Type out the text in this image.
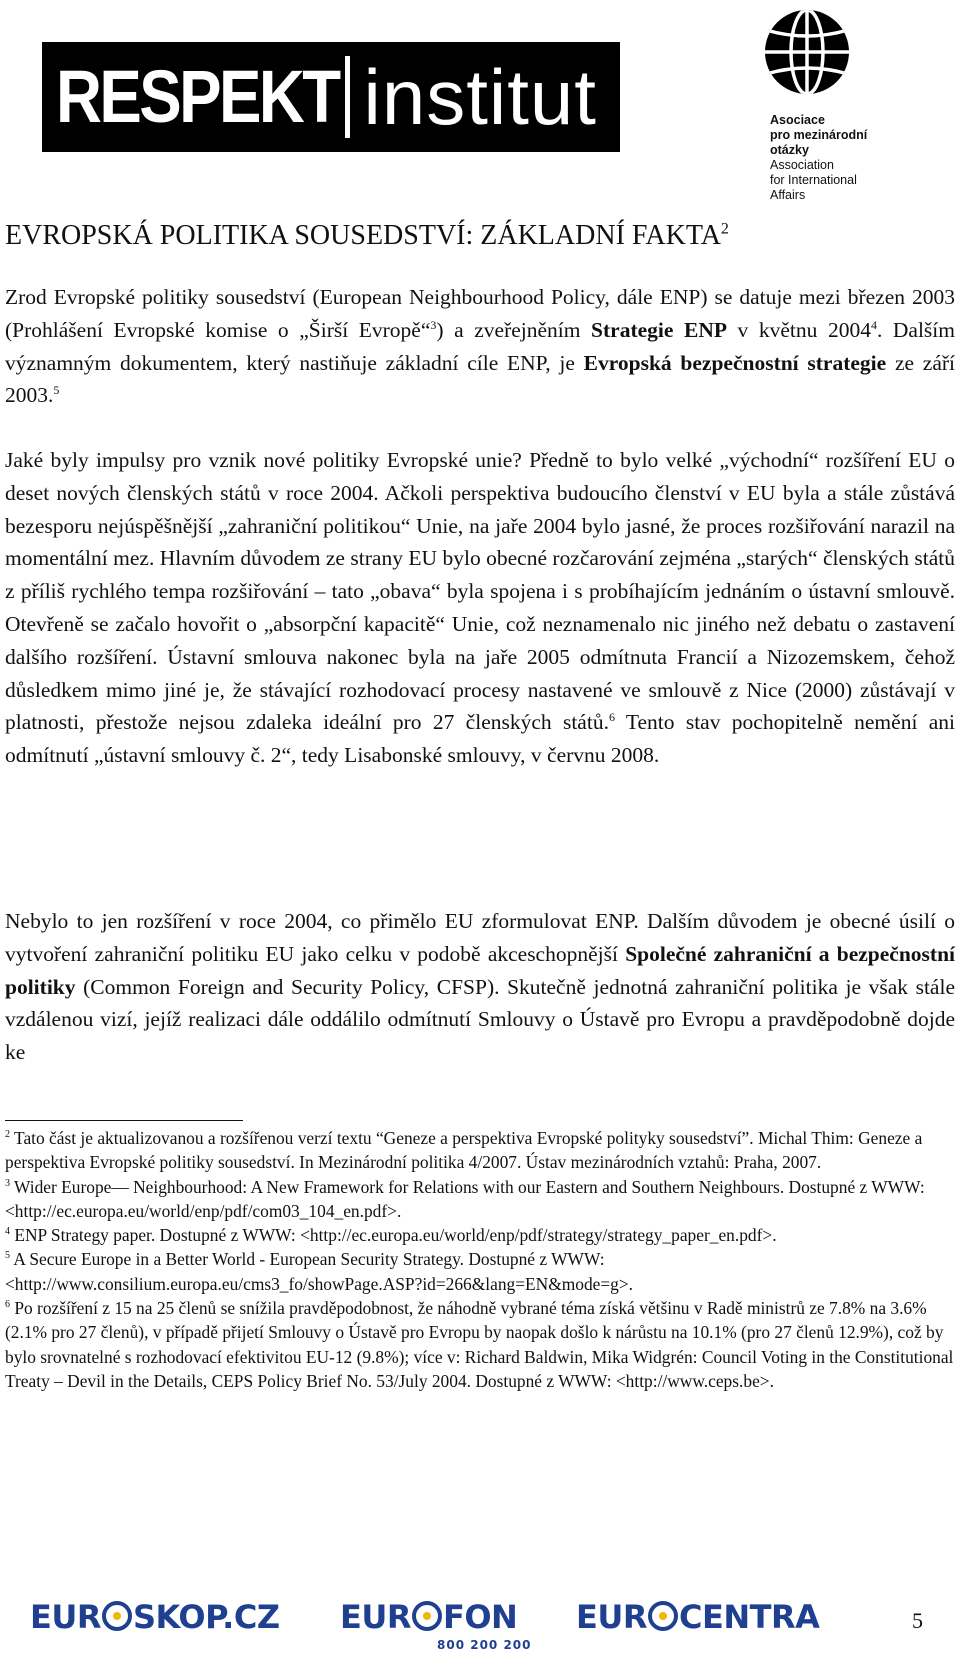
RESPEKT institut	Asociace
pro mezinárodní
otázky
Association
for International
Affairs
EVROPSKÁ POLITIKA SOUSEDSTVÍ: ZÁKLADNÍ FAKTA$^2$
Zrod Evropské politiky sousedství (European Neighbourhood Policy, dále ENP) se datuje mezi březen 2003 (Prohlášení Evropské komise o „Širší Evropě“$^3$) a zveřejněním Strategie ENP v květnu 2004$^4$. Dalším významným dokumentem, který nastiňuje základní cíle ENP, je Evropská bezpečnostní strategie ze září 2003.$^5$
Jaké byly impulsy pro vznik nové politiky Evropské unie? Předně to bylo velké „východní“ rozšíření EU o deset nových členských států v roce 2004. Ačkoli perspektiva budoucího členství v EU byla a stále zůstává bezesporu nejúspěšnější „zahraniční politikou“ Unie, na jaře 2004 bylo jasné, že proces rozšiřování narazil na momentální mez. Hlavním důvodem ze strany EU bylo obecné rozčarování zejména „starých“ členských států z příliš rychlého tempa rozšiřování – tato „obava“ byla spojena i s probíhajícím jednáním o ústavní smlouvě. Otevřeně se začalo hovořit o „absorpční kapacitě“ Unie, což neznamenalo nic jiného než debatu o zastavení dalšího rozšíření. Ústavní smlouva nakonec byla na jaře 2005 odmítnuta Francií a Nizozemskem, čehož důsledkem mimo jiné je, že stávající rozhodovací procesy nastavené ve smlouvě z Nice (2000) zůstávají v platnosti, přestože nejsou zdaleka ideální pro 27 členských států.$^6$ Tento stav pochopitelně nemění ani odmítnutí „ústavní smlouvy č. 2“, tedy Lisabonské smlouvy, v červnu 2008.
Nebylo to jen rozšíření v roce 2004, co přimělo EU zformulovat ENP. Dalším důvodem je obecné úsilí o vytvoření zahraniční politiku EU jako celku v podobě akceschopnější Společné zahraniční a bezpečnostní politiky (Common Foreign and Security Policy, CFSP). Skutečně jednotná zahraniční politika je však stále vzdálenou vizí, jejíž realizaci dále oddálilo odmítnutí Smlouvy o Ústavě pro Evropu a pravděpodobně dojde ke
$^2$ Tato část je aktualizovanou a rozšířenou verzí textu “Geneze a perspektiva Evropské polityky sousedství”. Michal Thim: Geneze a perspektiva Evropské politiky sousedství. In Mezinárodní politika 4/2007. Ústav mezinárodních vztahů: Praha, 2007.
$^3$ Wider Europe— Neighbourhood: A New Framework for Relations with our Eastern and Southern Neighbours. Dostupné z WWW: <http://ec.europa.eu/world/enp/pdf/com03_104_en.pdf>.
$^4$ ENP Strategy paper. Dostupné z WWW: <http://ec.europa.eu/world/enp/pdf/strategy/strategy_paper_en.pdf>.
$^5$ A Secure Europe in a Better World - European Security Strategy. Dostupné z WWW: <http://www.consilium.europa.eu/cms3_fo/showPage.ASP?id=266&lang=EN&mode=g>.
$^6$ Po rozšíření z 15 na 25 členů se snížila pravděpodobnost, že náhodně vybrané téma získá většinu v Radě ministrů ze 7.8% na 3.6% (2.1% pro 27 členů), v případě přijetí Smlouvy o Ústavě pro Evropu by naopak došlo k nárůstu na 10.1% (pro 27 členů 12.9%), což by bylo srovnatelné s rozhodovací efektivitou EU-12 (9.8%); více v: Richard Baldwin, Mika Widgrén: Council Voting in the Constitutional Treaty – Devil in the Details, CEPS Policy Brief No. 53/July 2004. Dostupné z WWW: <http://www.ceps.be>.
EUR SKOP.CZ EUR FON
800 200 200
EUR CENTRA	5
